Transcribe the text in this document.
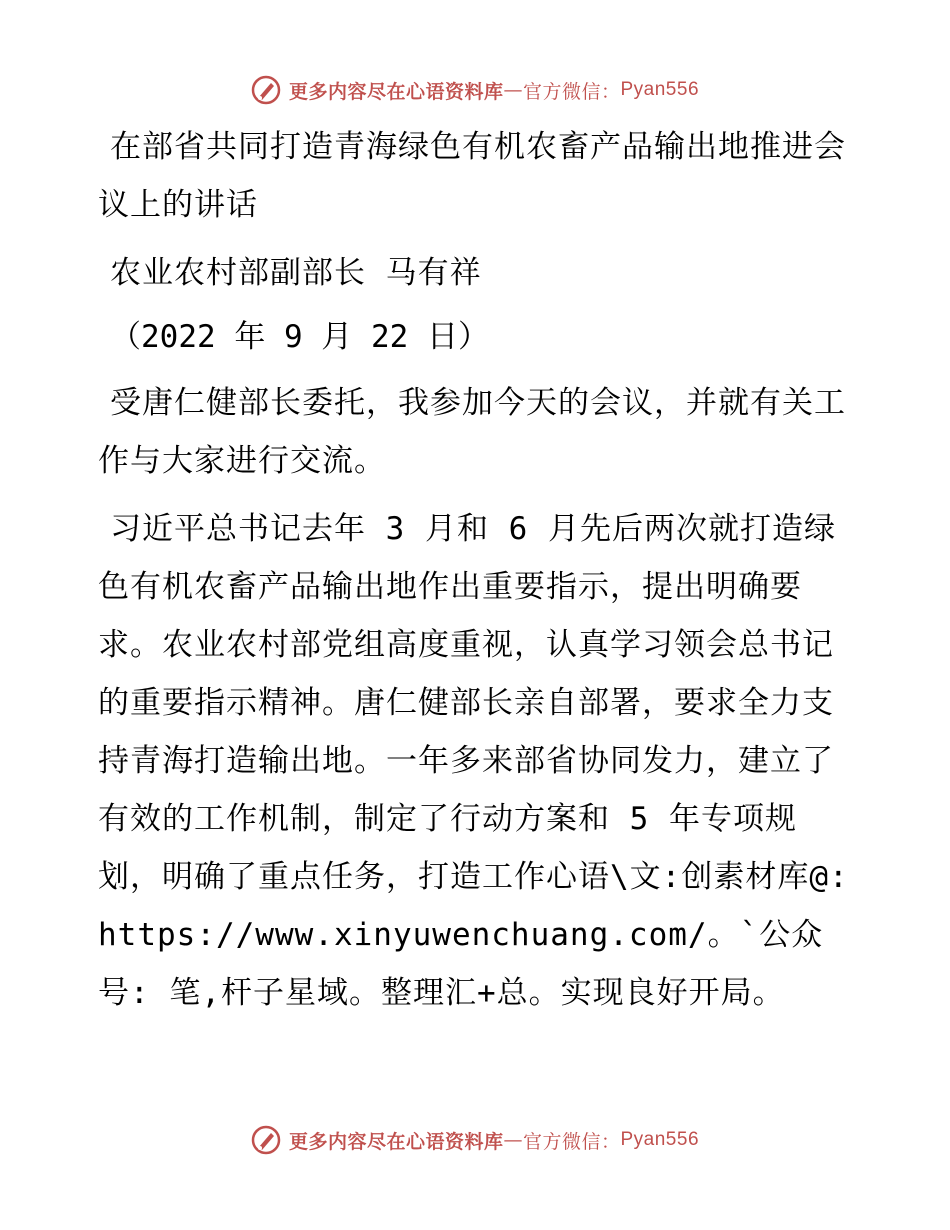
更多内容尽在心语资料库 — 官方微信： Pyan556

在部省共同打造青海绿色有机农畜产品输出地推进会议上的讲话

农业农村部副部长 马有祥

（2022 年 9 月 22 日）

受唐仁健部长委托，我参加今天的会议，并就有关工作与大家进行交流。

习近平总书记去年 3 月和 6 月先后两次就打造绿色有机农畜产品输出地作出重要指示，提出明确要求。农业农村部党组高度重视，认真学习领会总书记的重要指示精神。唐仁健部长亲自部署，要求全力支持青海打造输出地。一年多来部省协同发力，建立了有效的工作机制，制定了行动方案和 5 年专项规划，明确了重点任务，打造工作心语\文:创素材库@: https://www.xinyuwenchuang.com/。`公众号: 笔,杆子星域。整理汇+总。实现良好开局。

更多内容尽在心语资料库 — 官方微信： Pyan556
